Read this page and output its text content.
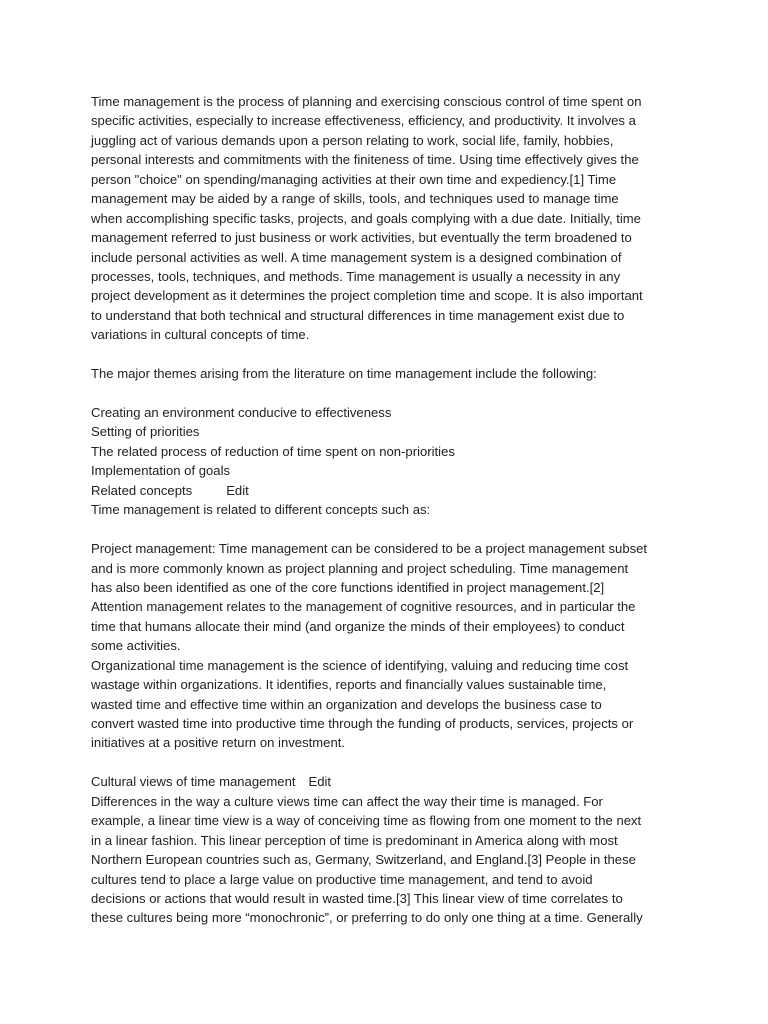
Time management is the process of planning and exercising conscious control of time spent on
specific activities, especially to increase effectiveness, efficiency, and productivity. It involves a
juggling act of various demands upon a person relating to work, social life, family, hobbies,
personal interests and commitments with the finiteness of time. Using time effectively gives the
person "choice" on spending/managing activities at their own time and expediency.[1] Time
management may be aided by a range of skills, tools, and techniques used to manage time
when accomplishing specific tasks, projects, and goals complying with a due date. Initially, time
management referred to just business or work activities, but eventually the term broadened to
include personal activities as well. A time management system is a designed combination of
processes, tools, techniques, and methods. Time management is usually a necessity in any
project development as it determines the project completion time and scope. It is also important
to understand that both technical and structural differences in time management exist due to
variations in cultural concepts of time.
The major themes arising from the literature on time management include the following:
Creating an environment conducive to effectiveness
Setting of priorities
The related process of reduction of time spent on non-priorities
Implementation of goals
Related concepts	Edit
Time management is related to different concepts such as:
Project management: Time management can be considered to be a project management subset
and is more commonly known as project planning and project scheduling. Time management
has also been identified as one of the core functions identified in project management.[2]
Attention management relates to the management of cognitive resources, and in particular the
time that humans allocate their mind (and organize the minds of their employees) to conduct
some activities.
Organizational time management is the science of identifying, valuing and reducing time cost
wastage within organizations. It identifies, reports and financially values sustainable time,
wasted time and effective time within an organization and develops the business case to
convert wasted time into productive time through the funding of products, services, projects or
initiatives at a positive return on investment.
Cultural views of time management Edit
Differences in the way a culture views time can affect the way their time is managed. For
example, a linear time view is a way of conceiving time as flowing from one moment to the next
in a linear fashion. This linear perception of time is predominant in America along with most
Northern European countries such as, Germany, Switzerland, and England.[3] People in these
cultures tend to place a large value on productive time management, and tend to avoid
decisions or actions that would result in wasted time.[3] This linear view of time correlates to
these cultures being more “monochronic”, or preferring to do only one thing at a time. Generally
